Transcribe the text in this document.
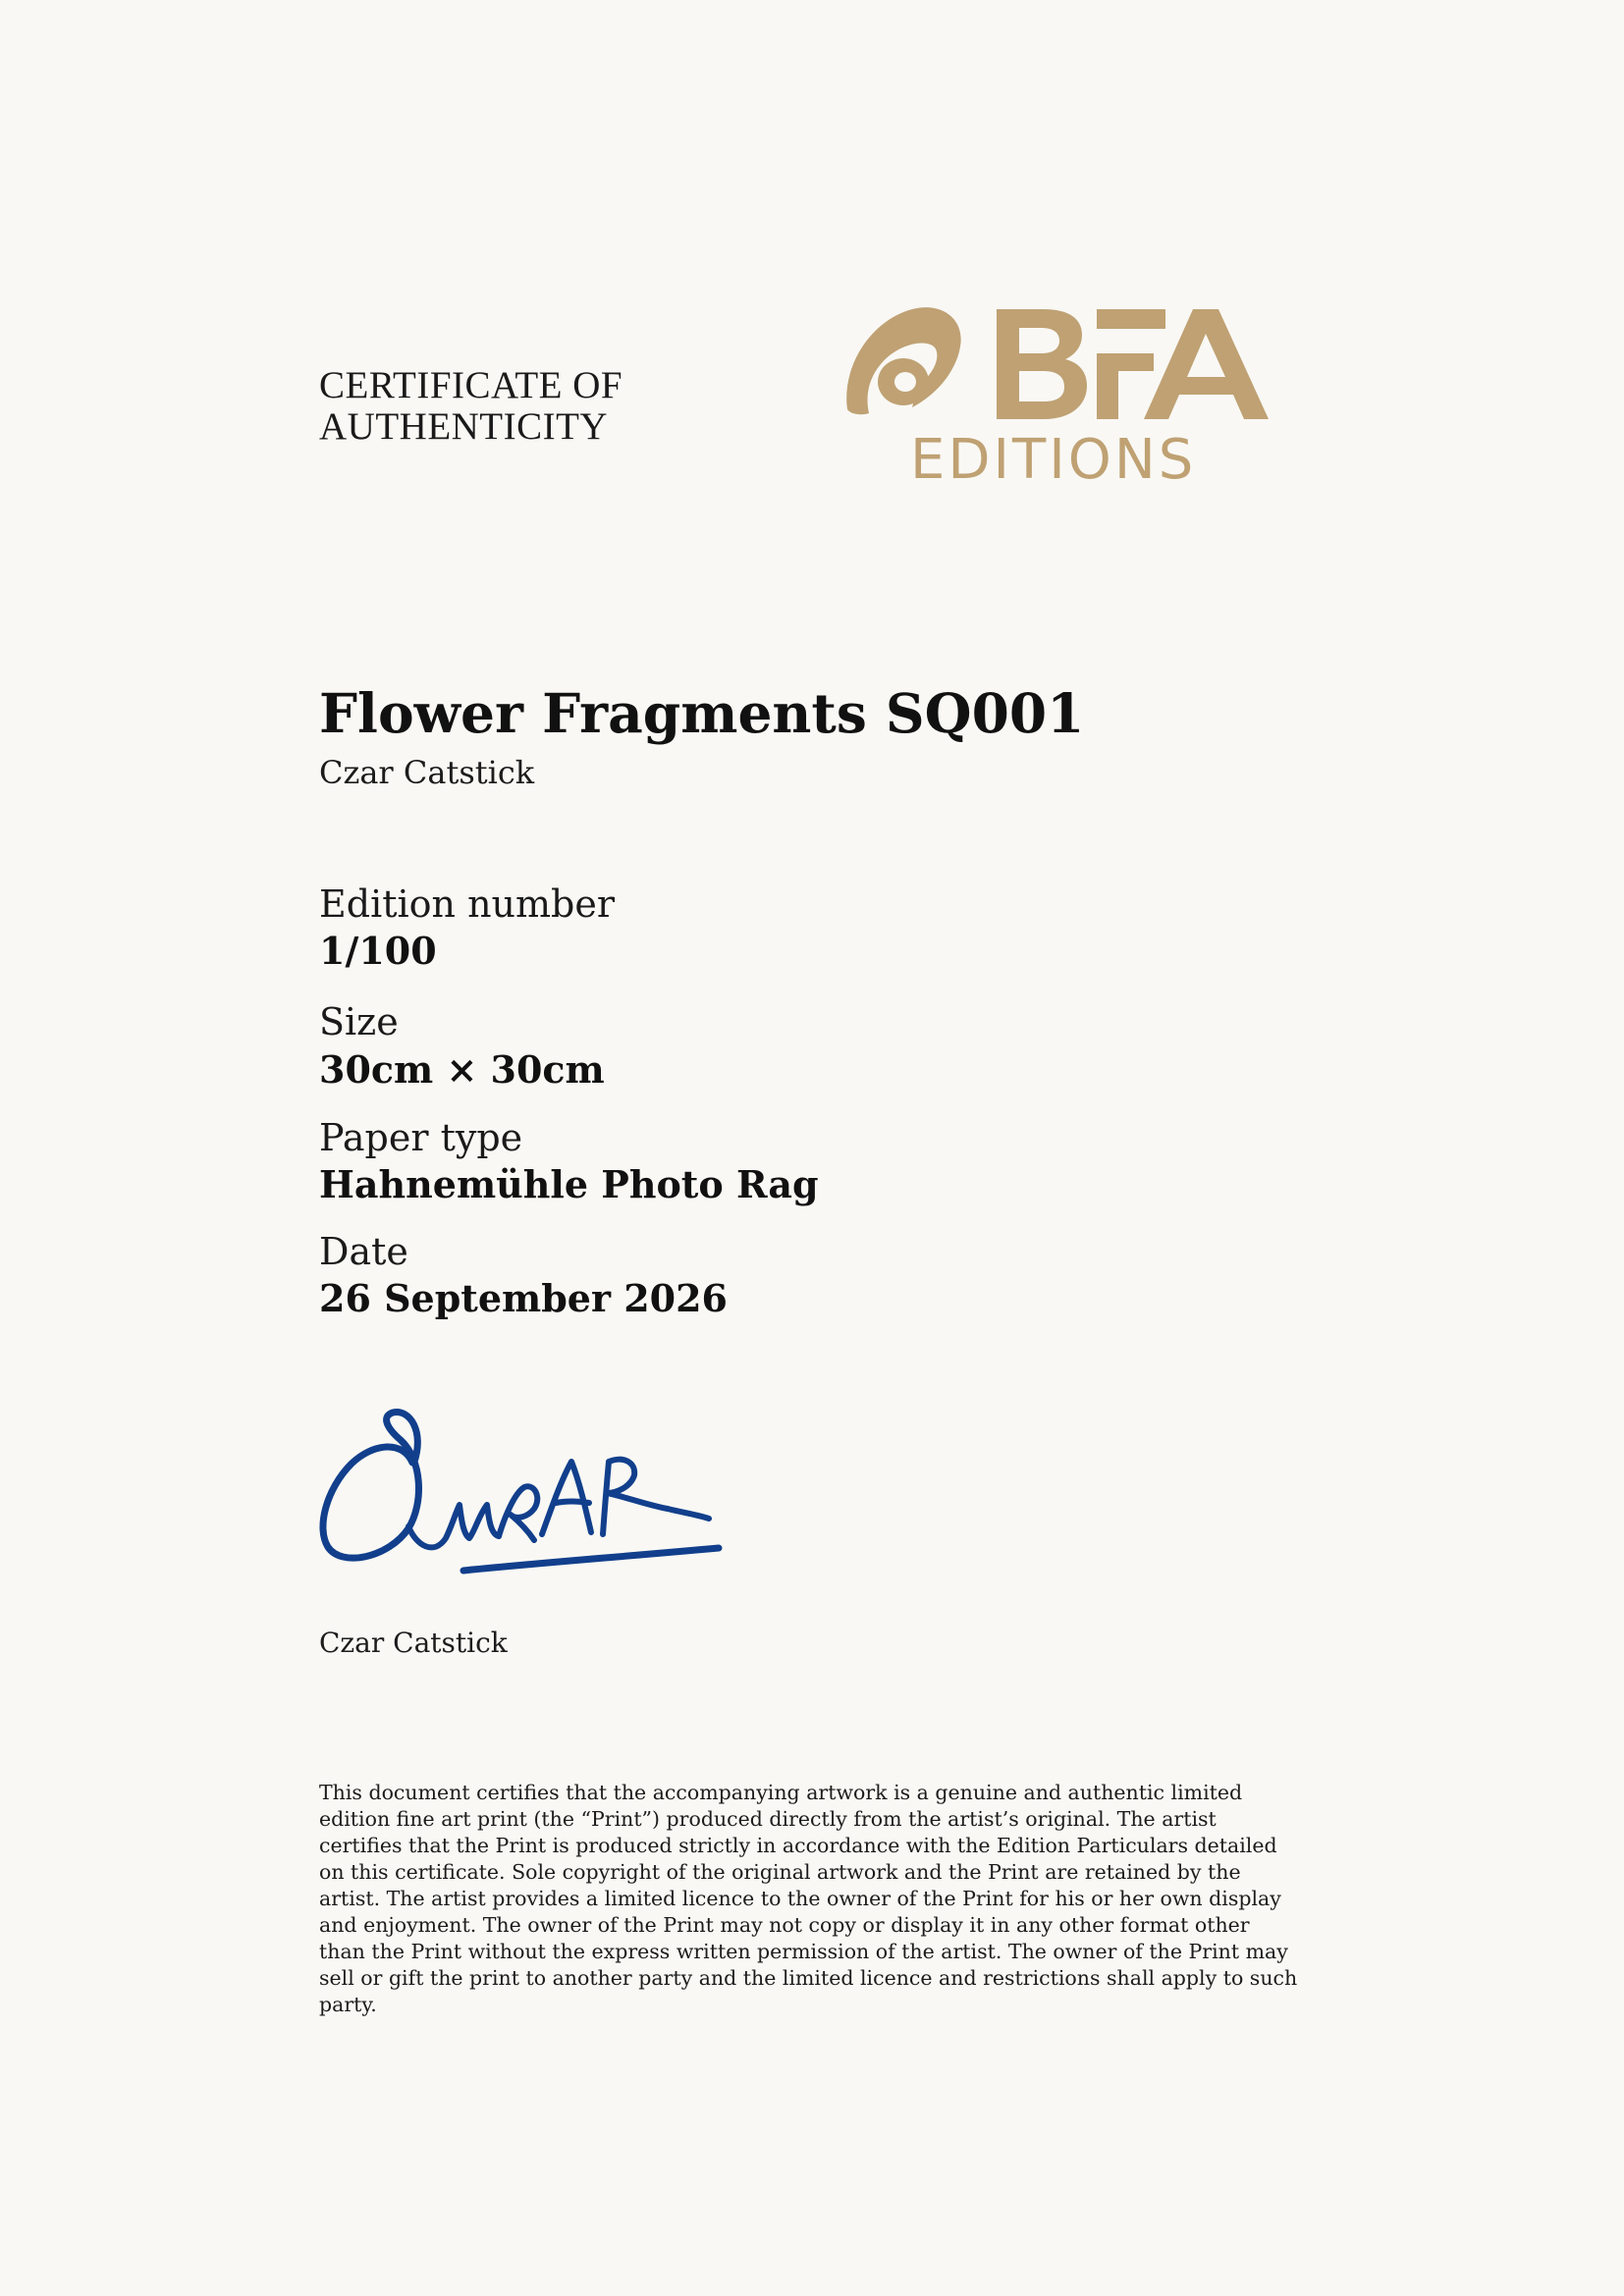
CERTIFICATE OF
AUTHENTICITY
EDITIONS
Flower Fragments SQ001
Czar Catstick
Edition number
1/100
Size
30cm × 30cm
Paper type
Hahnemühle Photo Rag
Date
26 September 2026
Czar Catstick
This document certifies that the accompanying artwork is a genuine and authentic limited edition fine art print (the “Print”) produced directly from the artist’s original. The artist certifies that the Print is produced strictly in accordance with the Edition Particulars detailed on this certificate. Sole copyright of the original artwork and the Print are retained by the artist. The artist provides a limited licence to the owner of the Print for his or her own display and enjoyment. The owner of the Print may not copy or display it in any other format other than the Print without the express written permission of the artist. The owner of the Print may sell or gift the print to another party and the limited licence and restrictions shall apply to such party.
